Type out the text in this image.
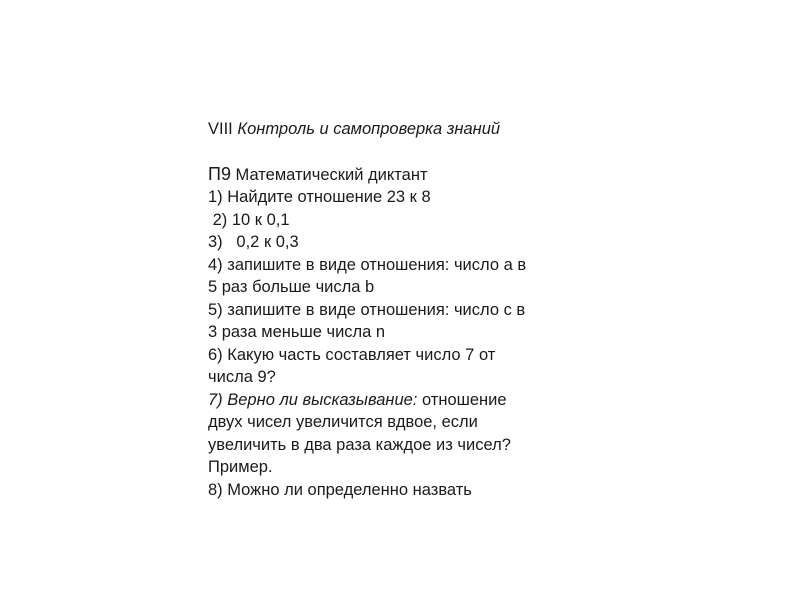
VIII Контроль и самопроверка знаний
П9 Математический диктант
1) Найдите отношение 23 к 8
2) 10 к 0,1
3)   0,2 к 0,3
4) запишите в виде отношения: число a в
5 раз больше числа b
5) запишите в виде отношения: число с в
3 раза меньше числа n
6) Какую часть составляет число 7 от
числа 9?
7) Верно ли высказывание: отношение
двух чисел увеличится вдвое, если
увеличить в два раза каждое из чисел?
Пример.
8) Можно ли определенно назвать
